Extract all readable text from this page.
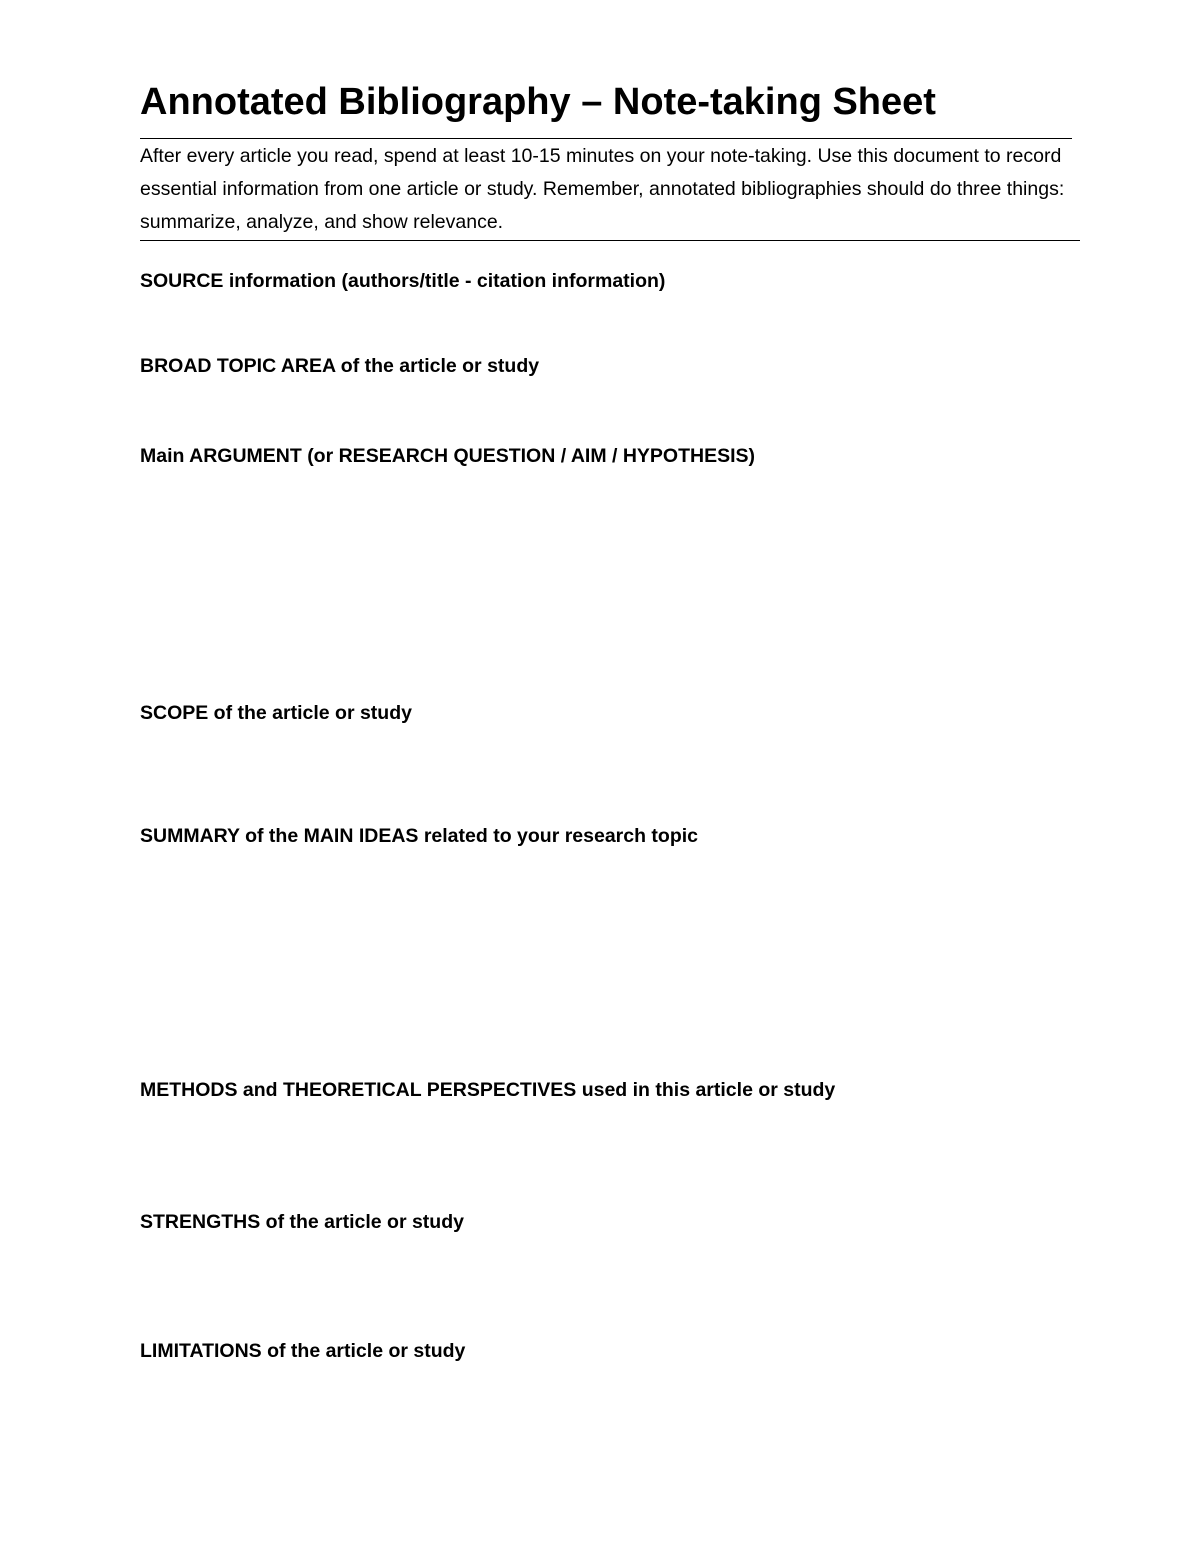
Annotated Bibliography – Note-taking Sheet

After every article you read, spend at least 10-15 minutes on your note-taking. Use this document to record essential information from one article or study. Remember, annotated bibliographies should do three things: summarize, analyze, and show relevance.

SOURCE information (authors/title - citation information)

BROAD TOPIC AREA of the article or study

Main ARGUMENT (or RESEARCH QUESTION / AIM / HYPOTHESIS)

SCOPE of the article or study

SUMMARY of the MAIN IDEAS related to your research topic

METHODS and THEORETICAL PERSPECTIVES used in this article or study

STRENGTHS of the article or study

LIMITATIONS of the article or study
